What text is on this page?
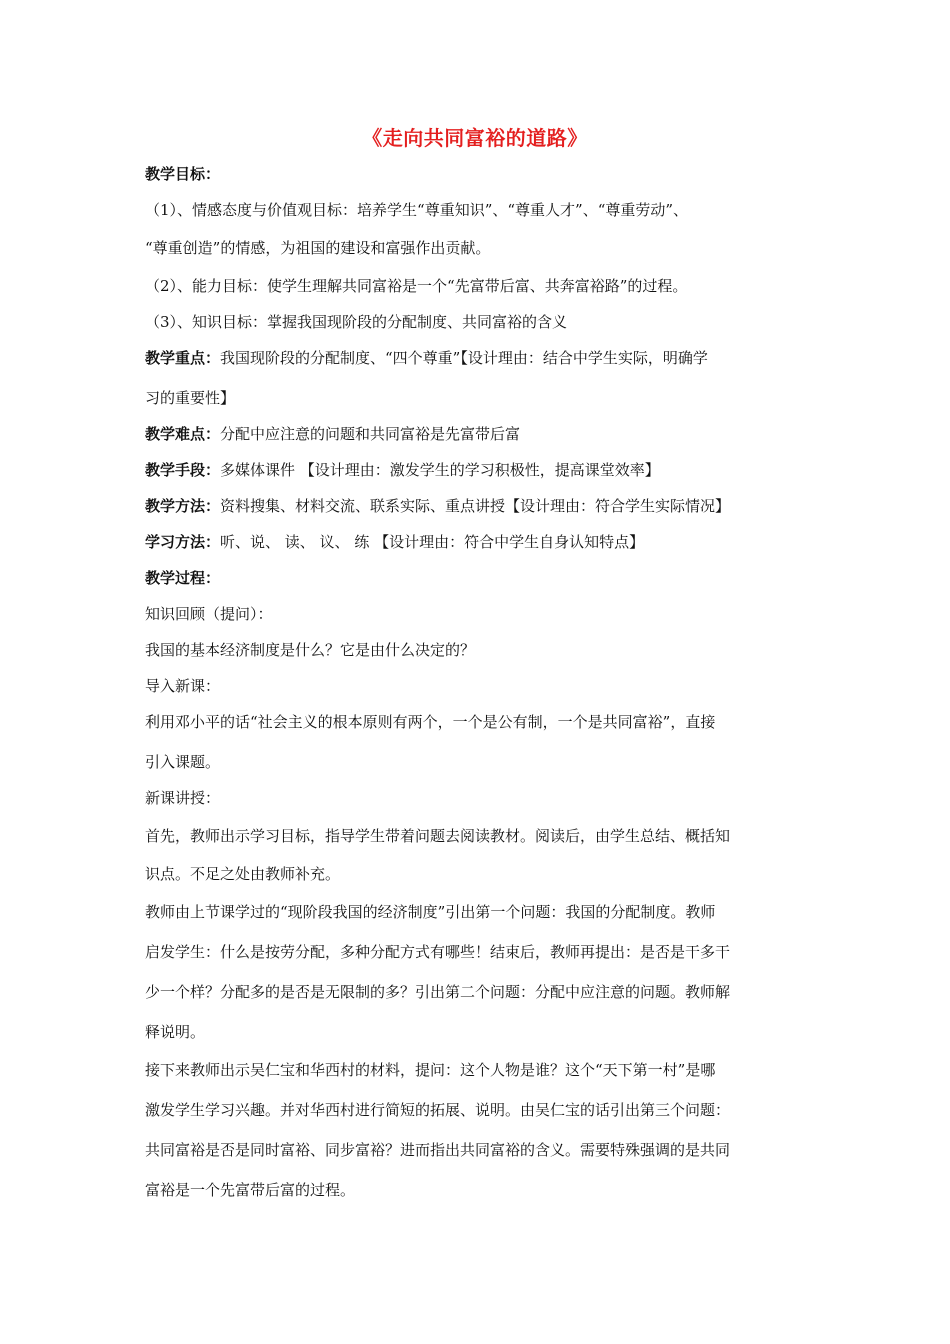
《走向共同富裕的道路》
教学目标：
（1）、情感态度与价值观目标：培养学生“尊重知识”、“尊重人才”、“尊重劳动”、
“尊重创造”的情感，为祖国的建设和富强作出贡献。
（2）、能力目标：使学生理解共同富裕是一个“先富带后富、共奔富裕路”的过程。
（3）、知识目标：掌握我国现阶段的分配制度、共同富裕的含义
教学重点：我国现阶段的分配制度、“四个尊重”【设计理由：结合中学生实际，明确学
习的重要性】
教学难点：分配中应注意的问题和共同富裕是先富带后富
教学手段：多媒体课件 【设计理由：激发学生的学习积极性，提高课堂效率】
教学方法：资料搜集、材料交流、联系实际、重点讲授【设计理由：符合学生实际情况】
学习方法：听、说、 读、 议、 练 【设计理由：符合中学生自身认知特点】
教学过程：
知识回顾（提问）：
我国的基本经济制度是什么？它是由什么决定的？
导入新课：
利用邓小平的话“社会主义的根本原则有两个，一个是公有制，一个是共同富裕”，直接
引入课题。
新课讲授：
首先，教师出示学习目标，指导学生带着问题去阅读教材。阅读后，由学生总结、概括知
识点。不足之处由教师补充。
教师由上节课学过的“现阶段我国的经济制度”引出第一个问题：我国的分配制度。教师
启发学生：什么是按劳分配，多种分配方式有哪些！结束后，教师再提出：是否是干多干
少一个样？分配多的是否是无限制的多？引出第二个问题：分配中应注意的问题。教师解
释说明。
接下来教师出示吴仁宝和华西村的材料，提问：这个人物是谁？这个“天下第一村”是哪
激发学生学习兴趣。并对华西村进行简短的拓展、说明。由吴仁宝的话引出第三个问题：
共同富裕是否是同时富裕、同步富裕？进而指出共同富裕的含义。需要特殊强调的是共同
富裕是一个先富带后富的过程。
